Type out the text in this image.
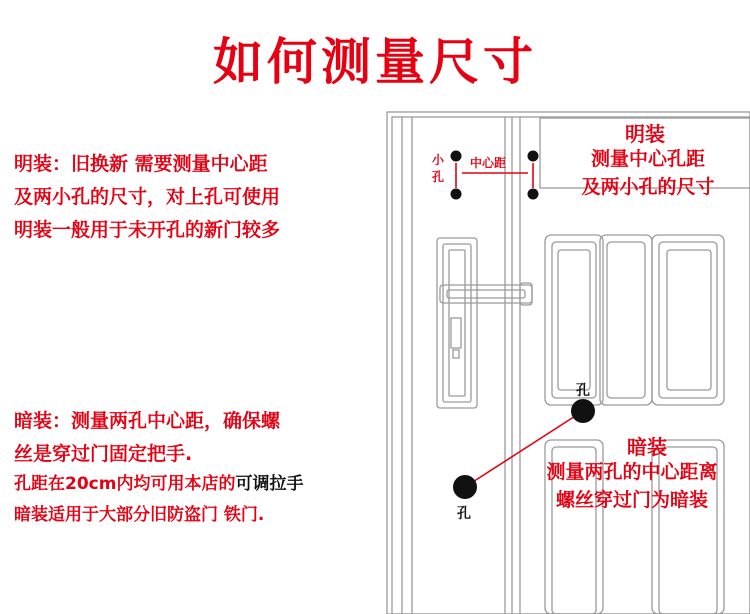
如何测量尺寸
明装：旧换新 需要测量中心距
及两小孔的尺寸，对上孔可使用
明装一般用于未开孔的新门较多
暗装：测量两孔中心距，确保螺
丝是穿过门固定把手.
孔距在20cm内均可用本店的可调拉手
暗装适用于大部分旧防盗门 铁门.
明装
测量中心孔距
及两小孔的尺寸
小
孔
中心距
孔
孔
暗装
测量两孔的中心距离
螺丝穿过门为暗装
